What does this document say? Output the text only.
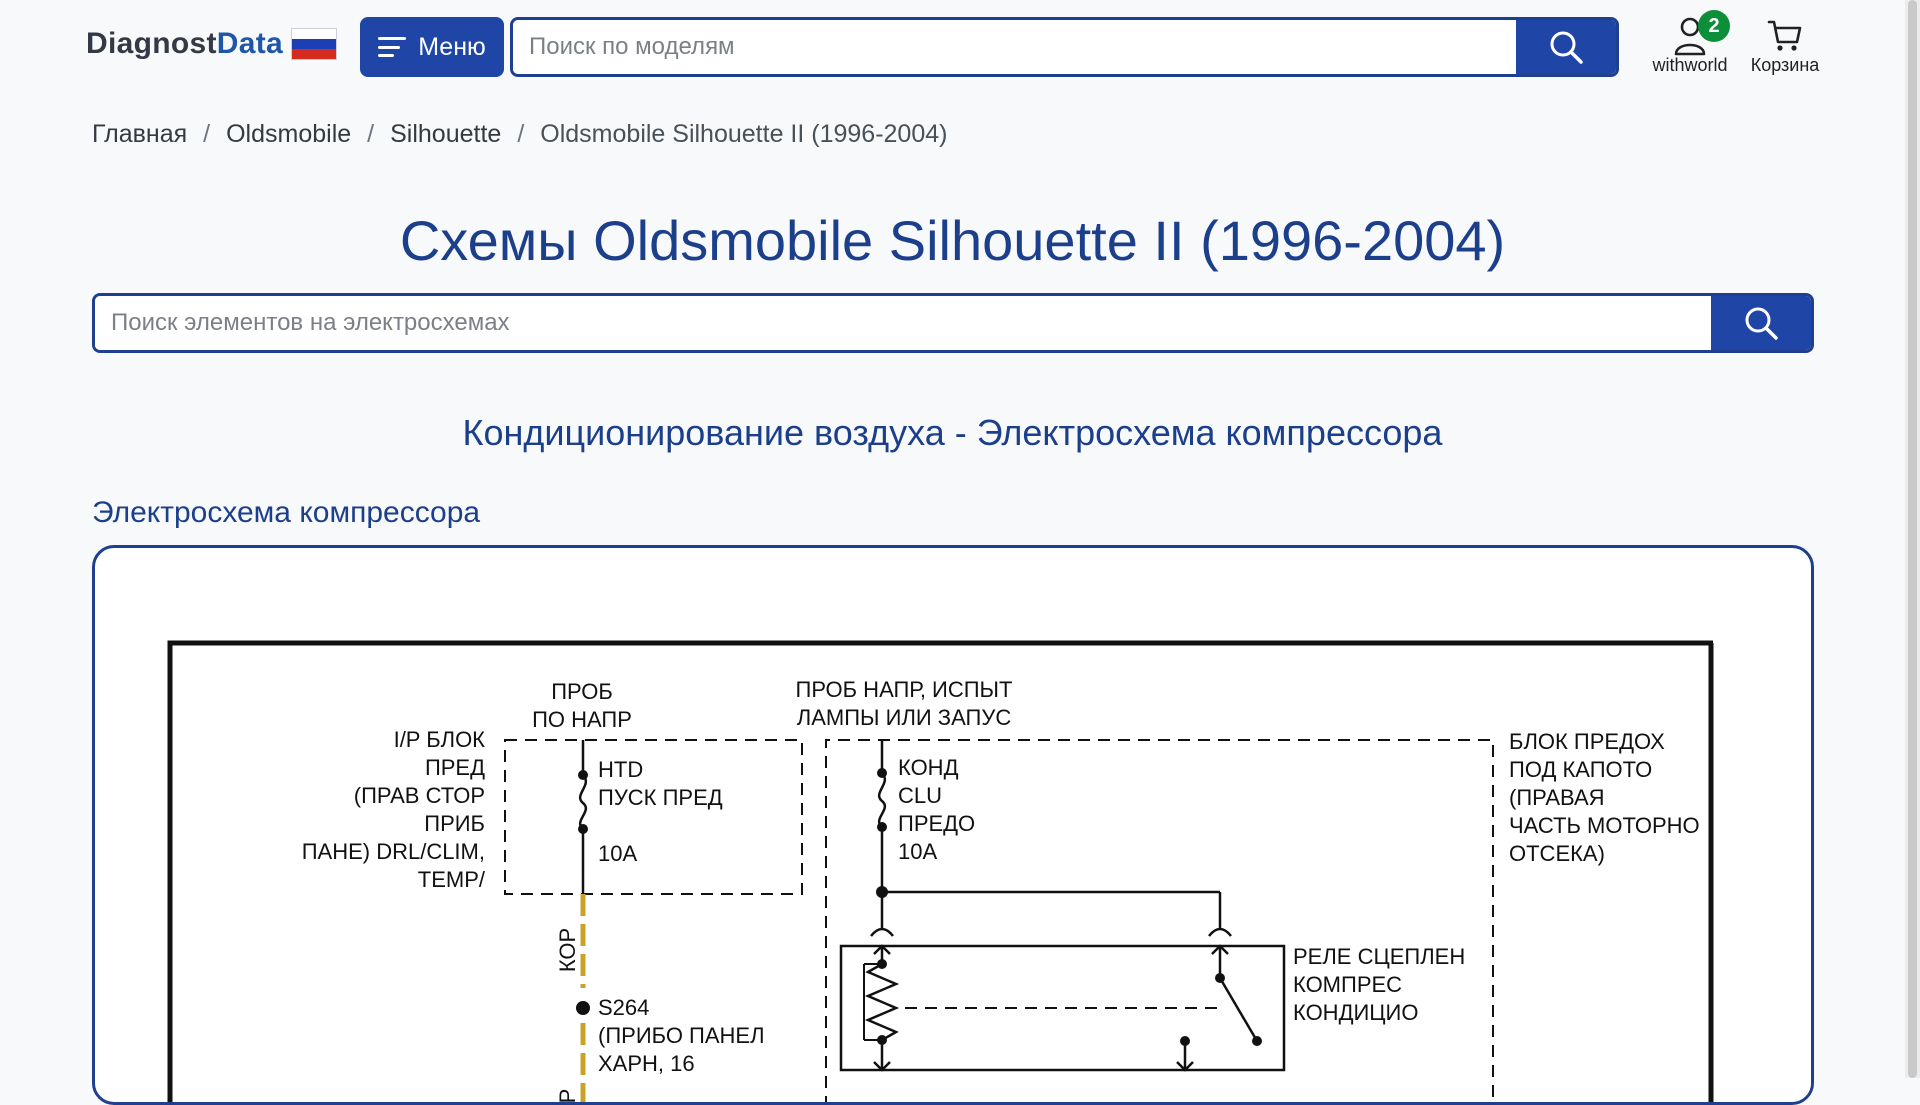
DiagnostData	Меню
Поиск по моделям
2
withworld	Корзина
Главная / Oldsmobile / Silhouette / Oldsmobile Silhouette II (1996-2004)
Схемы Oldsmobile Silhouette II (1996-2004)
Поиск элементов на электросхемах
Кондиционирование воздуха - Электросхема компрессора
Электросхема компрессора
ПРОБ
ПО НАПР
ПРОБ НАПР, ИСПЫТ
ЛАМПЫ ИЛИ ЗАПУС
I/P БЛОК
ПРЕД
(ПРАВ СТОР
ПРИБ
ПАНЕ) DRL/CLIM,
TEMP/
HTD
ПУСК ПРЕД
10A
КОР
Р
S264
(ПРИБО ПАНЕЛ
ХАРН, 16
КОНД
CLU
ПРЕДО
10A
РЕЛЕ СЦЕПЛЕН
КОМПРЕС
КОНДИЦИО
БЛОК ПРЕДОХ
ПОД КАПОТО
(ПРАВАЯ
ЧАСТЬ МОТОРНО
ОТСЕКА)
